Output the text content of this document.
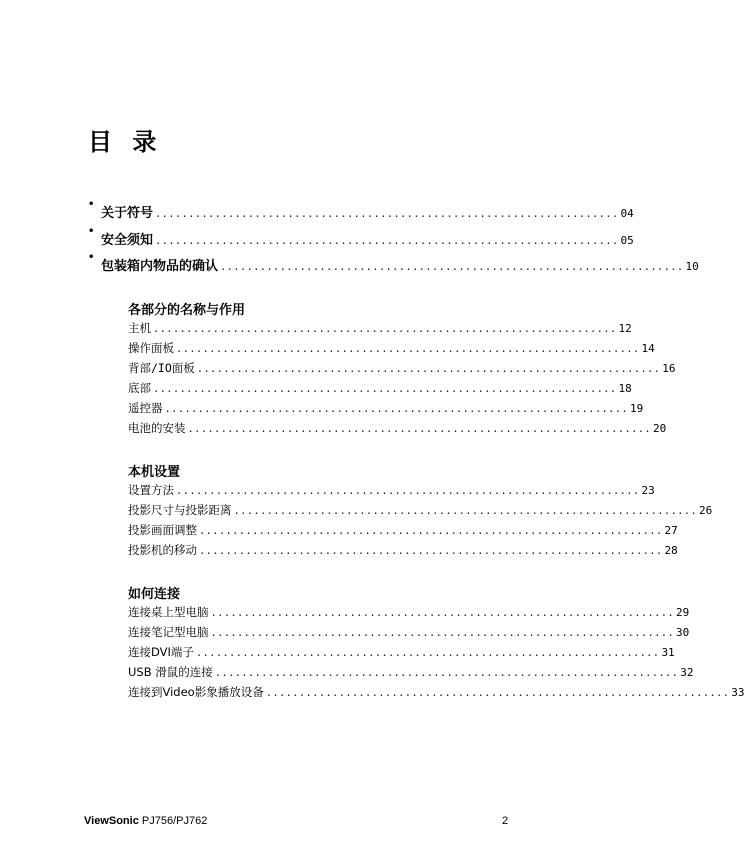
目 录
•
关于符号 ...................................................................... 04
•
安全须知 ...................................................................... 05
•
包装箱内物品的确认 ...................................................................... 10
各部分的名称与作用
主机 ...................................................................... 12
操作面板 ...................................................................... 14
背部/IO面板 ...................................................................... 16
底部 ...................................................................... 18
遥控器 ...................................................................... 19
电池的安装 ...................................................................... 20
本机设置
设置方法 ...................................................................... 23
投影尺寸与投影距离 ...................................................................... 26
投影画面调整 ...................................................................... 27
投影机的移动 ...................................................................... 28
如何连接
连接桌上型电脑 ...................................................................... 29
连接笔记型电脑 ...................................................................... 30
连接DVI端子 ...................................................................... 31
USB 滑鼠的连接 ...................................................................... 32
连接到Video影象播放设备 ...................................................................... 33
ViewSonic PJ756/PJ762	2
